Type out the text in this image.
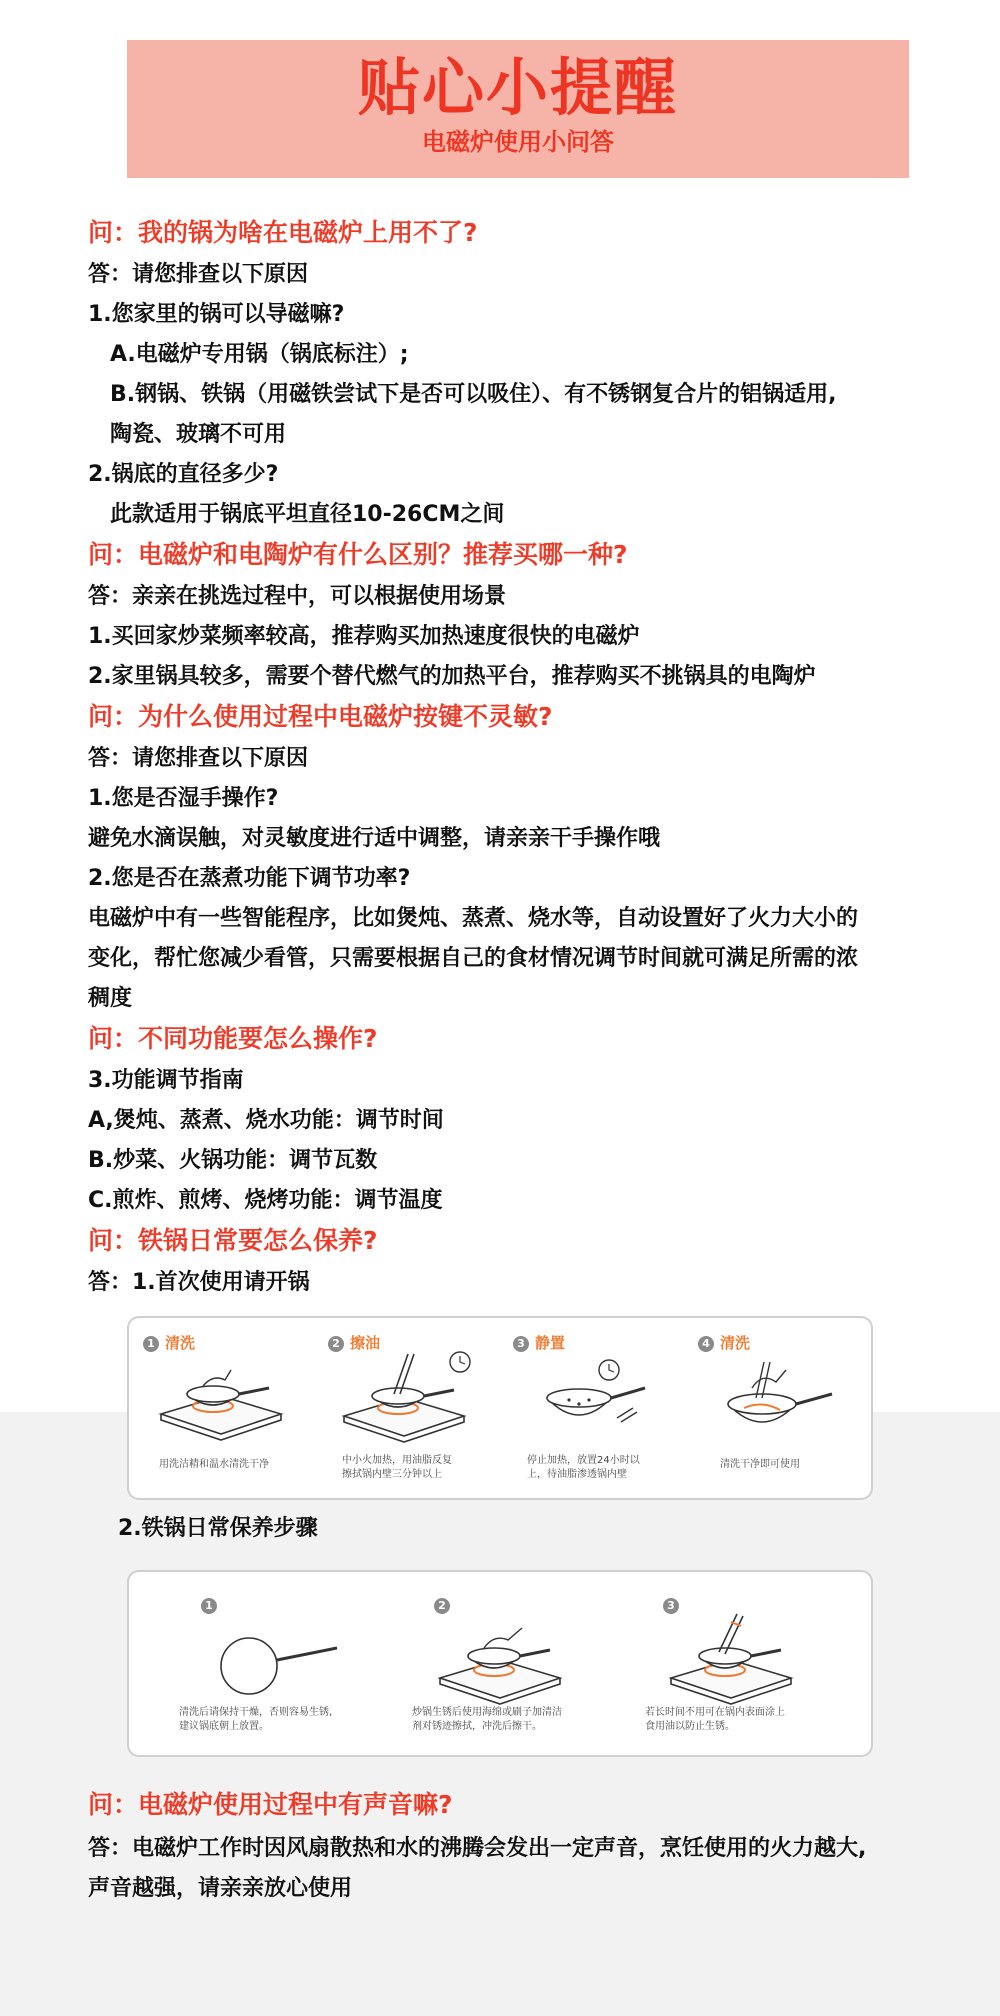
贴心小提醒
电磁炉使用小问答
问：我的锅为啥在电磁炉上用不了?
答：请您排查以下原因
1.您家里的锅可以导磁嘛?
A.电磁炉专用锅（锅底标注）;
B.钢锅、铁锅（用磁铁尝试下是否可以吸住）、有不锈钢复合片的铝锅适用,
陶瓷、玻璃不可用
2.锅底的直径多少?
此款适用于锅底平坦直径10-26CM之间
问：电磁炉和电陶炉有什么区别？推荐买哪一种?
答：亲亲在挑选过程中，可以根据使用场景
1.买回家炒菜频率较高，推荐购买加热速度很快的电磁炉
2.家里锅具较多，需要个替代燃气的加热平台，推荐购买不挑锅具的电陶炉
问：为什么使用过程中电磁炉按键不灵敏?
答：请您排查以下原因
1.您是否湿手操作?
避免水滴误触，对灵敏度进行适中调整，请亲亲干手操作哦
2.您是否在蒸煮功能下调节功率?
电磁炉中有一些智能程序，比如煲炖、蒸煮、烧水等，自动设置好了火力大小的
变化，帮忙您减少看管，只需要根据自己的食材情况调节时间就可满足所需的浓
稠度
问：不同功能要怎么操作?
3.功能调节指南
A,煲炖、蒸煮、烧水功能：调节时间
B.炒菜、火锅功能：调节瓦数
C.煎炸、煎烤、烧烤功能：调节温度
问：铁锅日常要怎么保养?
答：1.首次使用请开锅
1 清洗
用洗洁精和温水清洗干净
2 擦油
中小火加热，用油脂反复
擦拭锅内壁三分钟以上
3 静置
停止加热，放置24小时以
上，待油脂渗透锅内壁
4 清洗
清洗干净即可使用
2.铁锅日常保养步骤
1
清洗后请保持干燥，否则容易生锈,
建议锅底朝上放置。
2
炒锅生锈后使用海绵或刷子加清洁
剂对锈迹擦拭，冲洗后擦干。
3
若长时间不用可在锅内表面涂上
食用油以防止生锈。
问：电磁炉使用过程中有声音嘛?
答：电磁炉工作时因风扇散热和水的沸腾会发出一定声音，烹饪使用的火力越大,
声音越强，请亲亲放心使用
